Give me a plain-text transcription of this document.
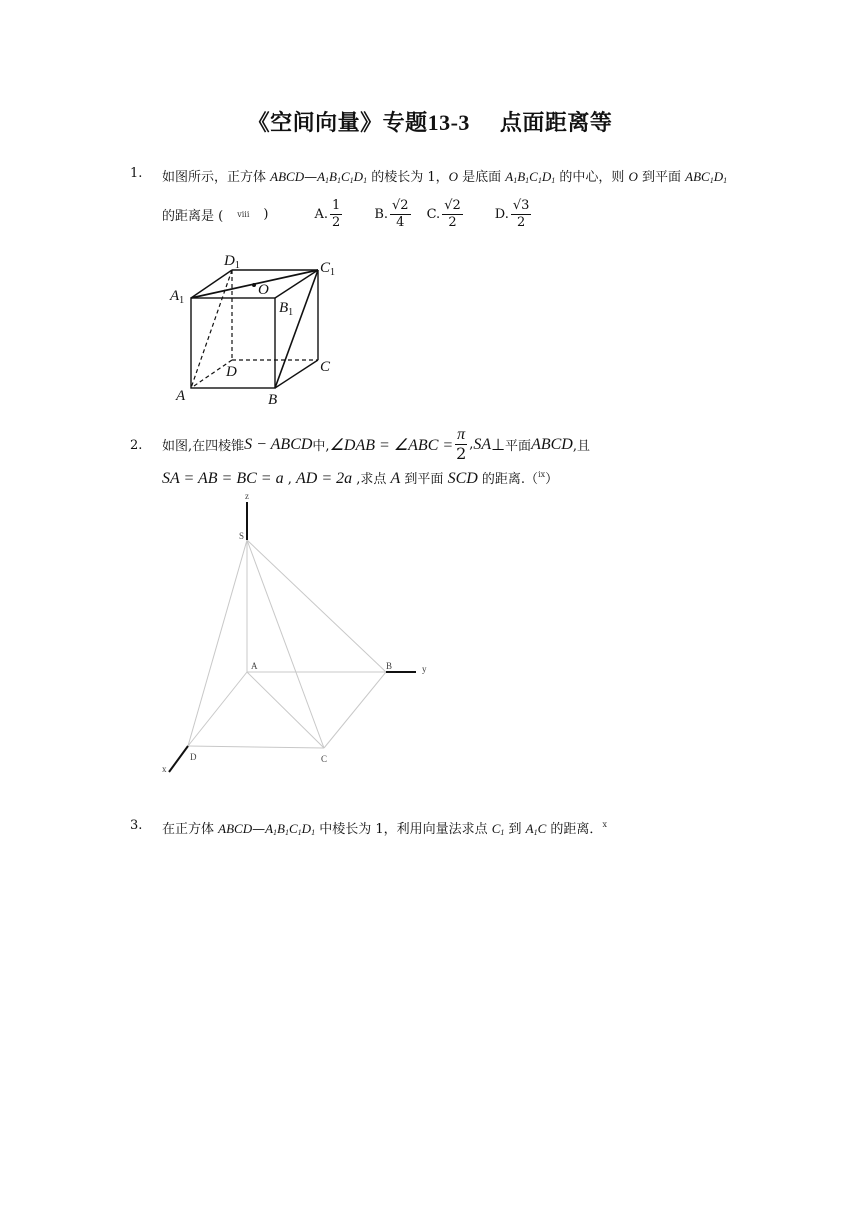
《空间向量》专题13-3 点面距离等
1. 如图所示，正方体 $ABCD—A_1B_1C_1D_1$ 的棱长为 1，O 是底面 $A_1B_1C_1D_1$ 的中心，则 O 到平面 $ABC_1D_1$
的距离是 ( viii )	A. $\frac{1}{2} B$. $\frac{√2}{4} C$. $\frac{√2}{2} D$. $\frac{√3}{2}$
$D_1$	$C_1$
$A_1$	$B_1$
O
D	C
A	B
2. 如图,在四棱锥 S − ABCD 中, ∠DAB = ∠ABC = $\frac{\pi}{2}$ , SA ⊥ 平面 ABCD ,且
SA = AB = BC = a , AD = 2a ,求点 A 到平面 SCD 的距离.（$^{ix}$）
z
S
A	B	y
D	C
x
3. 在正方体 $ABCD—A_1B_1C_1D_1$ 中棱长为 1，利用向量法求点 $C_1$ 到 $A_1C$ 的距离．$^x$
